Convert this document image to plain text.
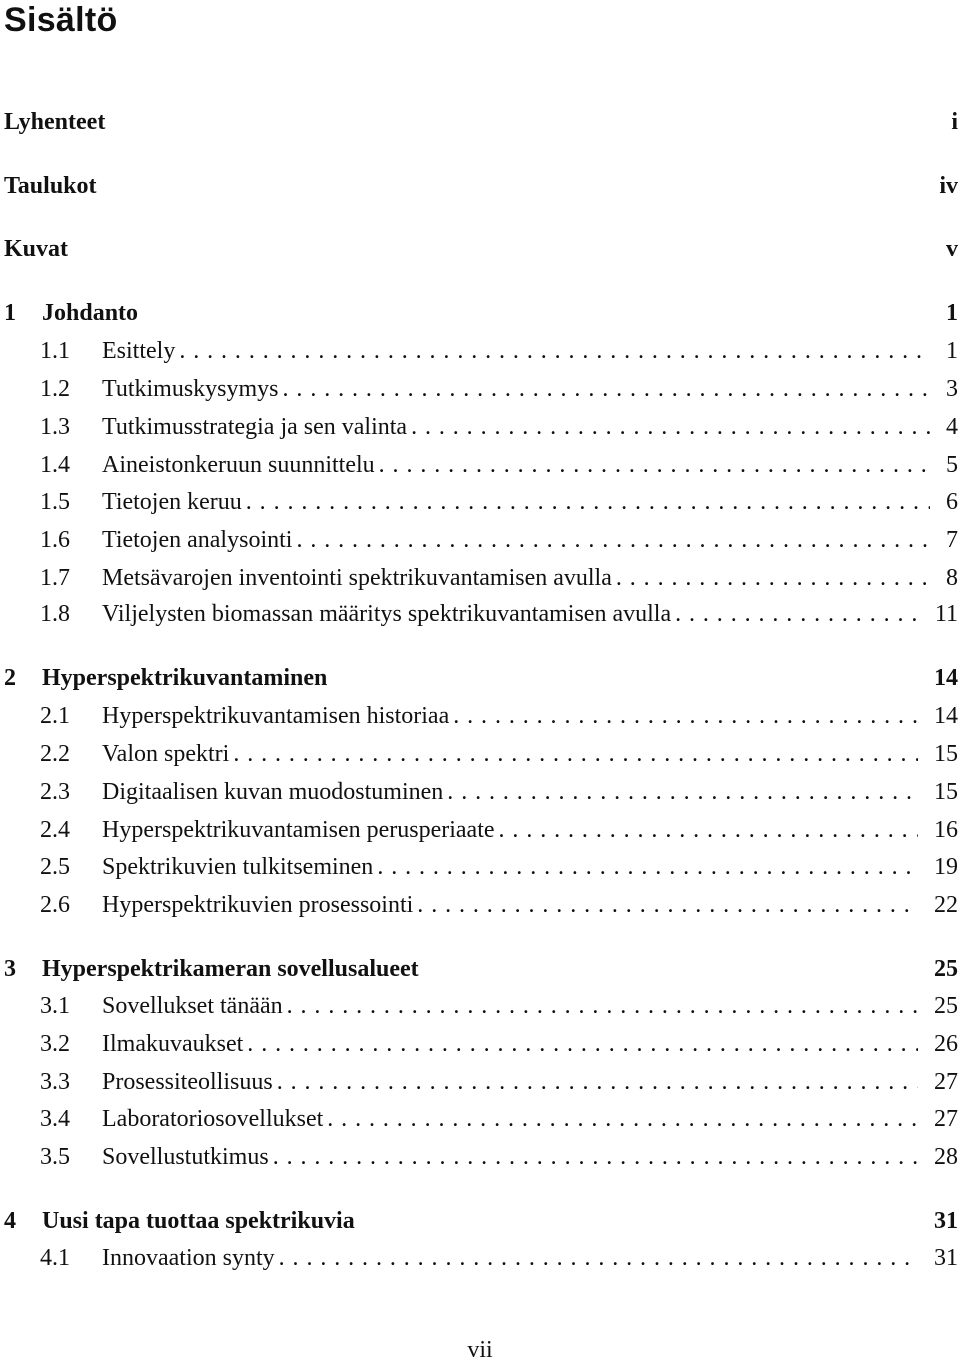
Sisältö
Lyhenteet	i
Taulukot	iv
Kuvat	v
1	Johdanto	1
1.1	Esittely . . .	1
1.2	Tutkimuskysymys . . .	3
1.3	Tutkimusstrategia ja sen valinta . . .	4
1.4	Aineistonkeruun suunnittelu . . .	5
1.5	Tietojen keruu . . .	6
1.6	Tietojen analysointi . . .	7
1.7	Metsävarojen inventointi spektrikuvantamisen avulla . . .	8
1.8	Viljelysten biomassan määritys spektrikuvantamisen avulla . . .	11
2	Hyperspektrikuvantaminen	14
2.1	Hyperspektrikuvantamisen historiaa . . .	14
2.2	Valon spektri . . .	15
2.3	Digitaalisen kuvan muodostuminen . . .	15
2.4	Hyperspektrikuvantamisen perusperiaate . . .	16
2.5	Spektrikuvien tulkitseminen . . .	19
2.6	Hyperspektrikuvien prosessointi . . .	22
3	Hyperspektrikameran sovellusalueet	25
3.1	Sovellukset tänään . . .	25
3.2	Ilmakuvaukset . . .	26
3.3	Prosessiteollisuus . . .	27
3.4	Laboratoriosovellukset . . .	27
3.5	Sovellustutkimus . . .	28
4	Uusi tapa tuottaa spektrikuvia	31
4.1	Innovaation synty . . .	31
vii
